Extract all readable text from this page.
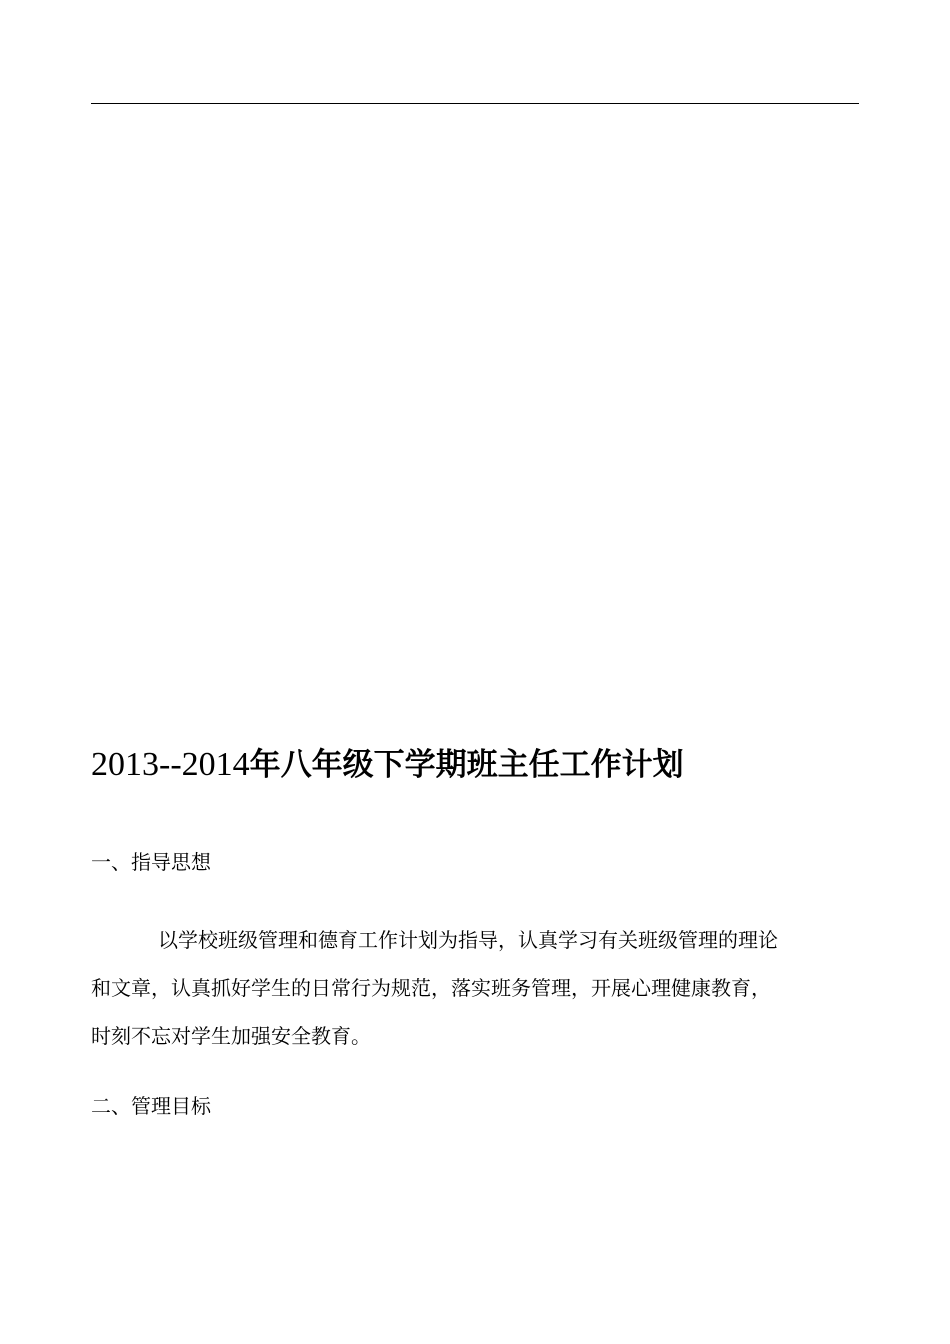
2013--2014年八年级下学期班主任工作计划
一、指导思想

以学校班级管理和德育工作计划为指导，认真学习有关班级管理的理论
和文章，认真抓好学生的日常行为规范，落实班务管理，开展心理健康教育，
时刻不忘对学生加强安全教育。

二、管理目标
